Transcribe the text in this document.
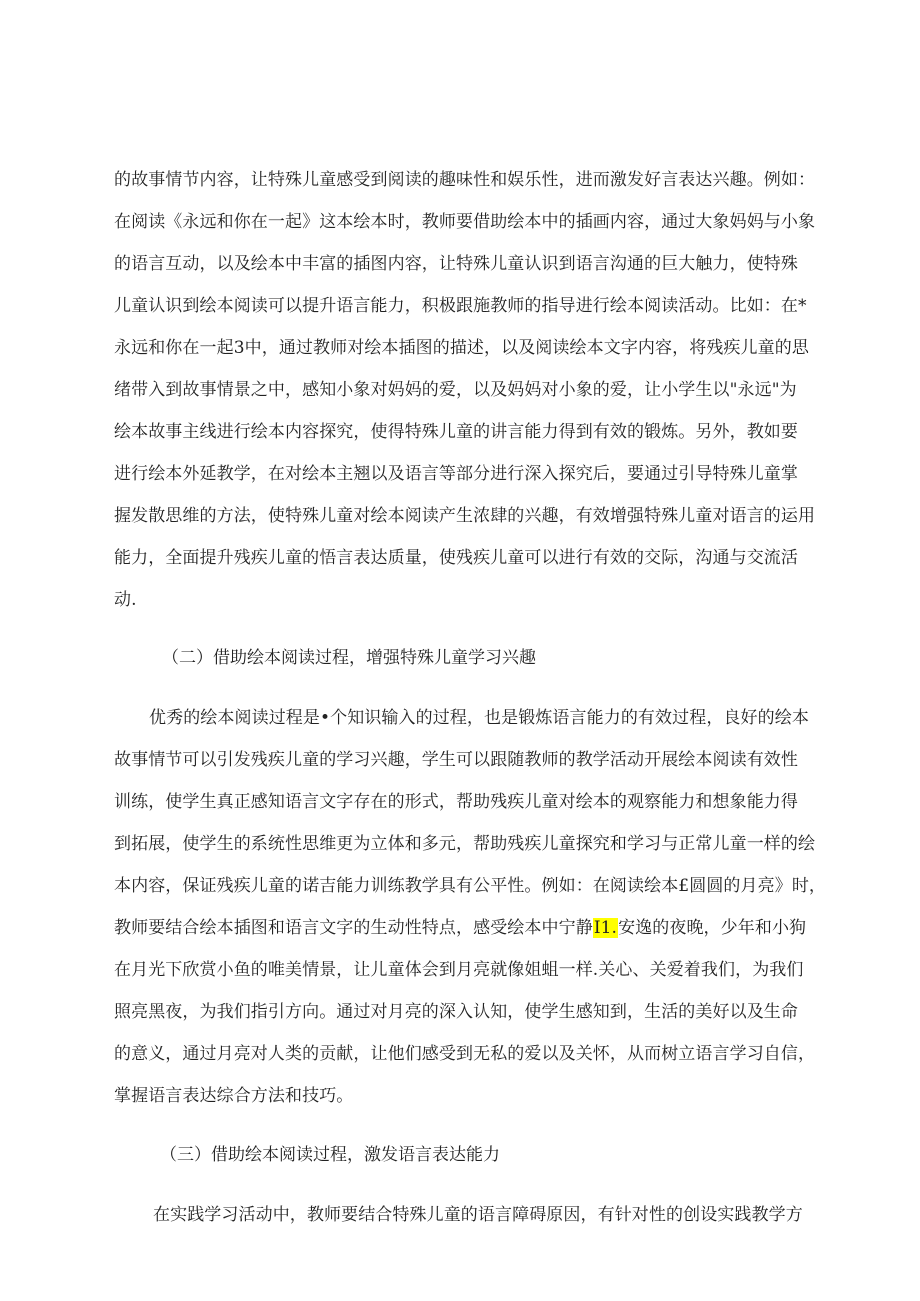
的故事情节内容，让特殊儿童感受到阅读的趣味性和娱乐性，进而激发好言表达兴趣。例如：
在阅读《永远和你在一起》这本绘本时，教师要借助绘本中的插画内容，通过大象妈妈与小象
的语言互动，以及绘本中丰富的插图内容，让特殊儿童认识到语言沟通的巨大触力，使特殊
儿童认识到绘本阅读可以提升语言能力，积极跟施教师的指导进行绘本阅读活动。比如：在*
永远和你在一起3中，通过教师对绘本插图的描述，以及阅读绘本文字内容，将残疾儿童的思
绪带入到故事情景之中，感知小象对妈妈的爱，以及妈妈对小象的爱，让小学生以"永远"为
绘本故事主线进行绘本内容探究，使得特殊儿童的讲言能力得到有效的锻炼。另外，教如要
进行绘本外延教学，在对绘本主翘以及语言等部分进行深入探究后，要通过引导特殊儿童掌
握发散思维的方法，使特殊儿童对绘本阅读产生浓肆的兴趣，有效增强特殊儿童对语言的运用
能力，全面提升残疾儿童的悟言表达质量，使残疾儿童可以进行有效的交际，沟通与交流活
动.
（二）借助绘本阅读过程，增强特殊儿童学习兴趣
优秀的绘本阅读过程是•个知识输入的过程，也是锻炼语言能力的有效过程，良好的绘本
故事情节可以引发残疾儿童的学习兴趣，学生可以跟随教师的教学活动开展绘本阅读有效性
训练，使学生真正感知语言文字存在的形式，帮助残疾儿童对绘本的观察能力和想象能力得
到拓展，使学生的系统性思维更为立体和多元，帮助残疾儿童探究和学习与正常儿童一样的绘
本内容，保证残疾儿童的诺吉能力训练教学具有公平性。例如：在阅读绘本£圆圆的月亮》时，
教师要结合绘本插图和语言文字的生动性特点，感受绘本中宁静I1.安逸的夜晚，少年和小狗
在月光下欣赏小鱼的唯美情景，让儿童体会到月亮就像姐蛆一样.关心、关爱着我们，为我们
照亮黑夜，为我们指引方向。通过对月亮的深入认知，使学生感知到，生活的美好以及生命
的意义，通过月亮对人类的贡献，让他们感受到无私的爱以及关怀，从而树立语言学习自信，
掌握语言表达综合方法和技巧。
（三）借助绘本阅读过程，激发语言表达能力
在实践学习活动中，教师要结合特殊儿童的语言障碍原因，有针对性的创设实践教学方
